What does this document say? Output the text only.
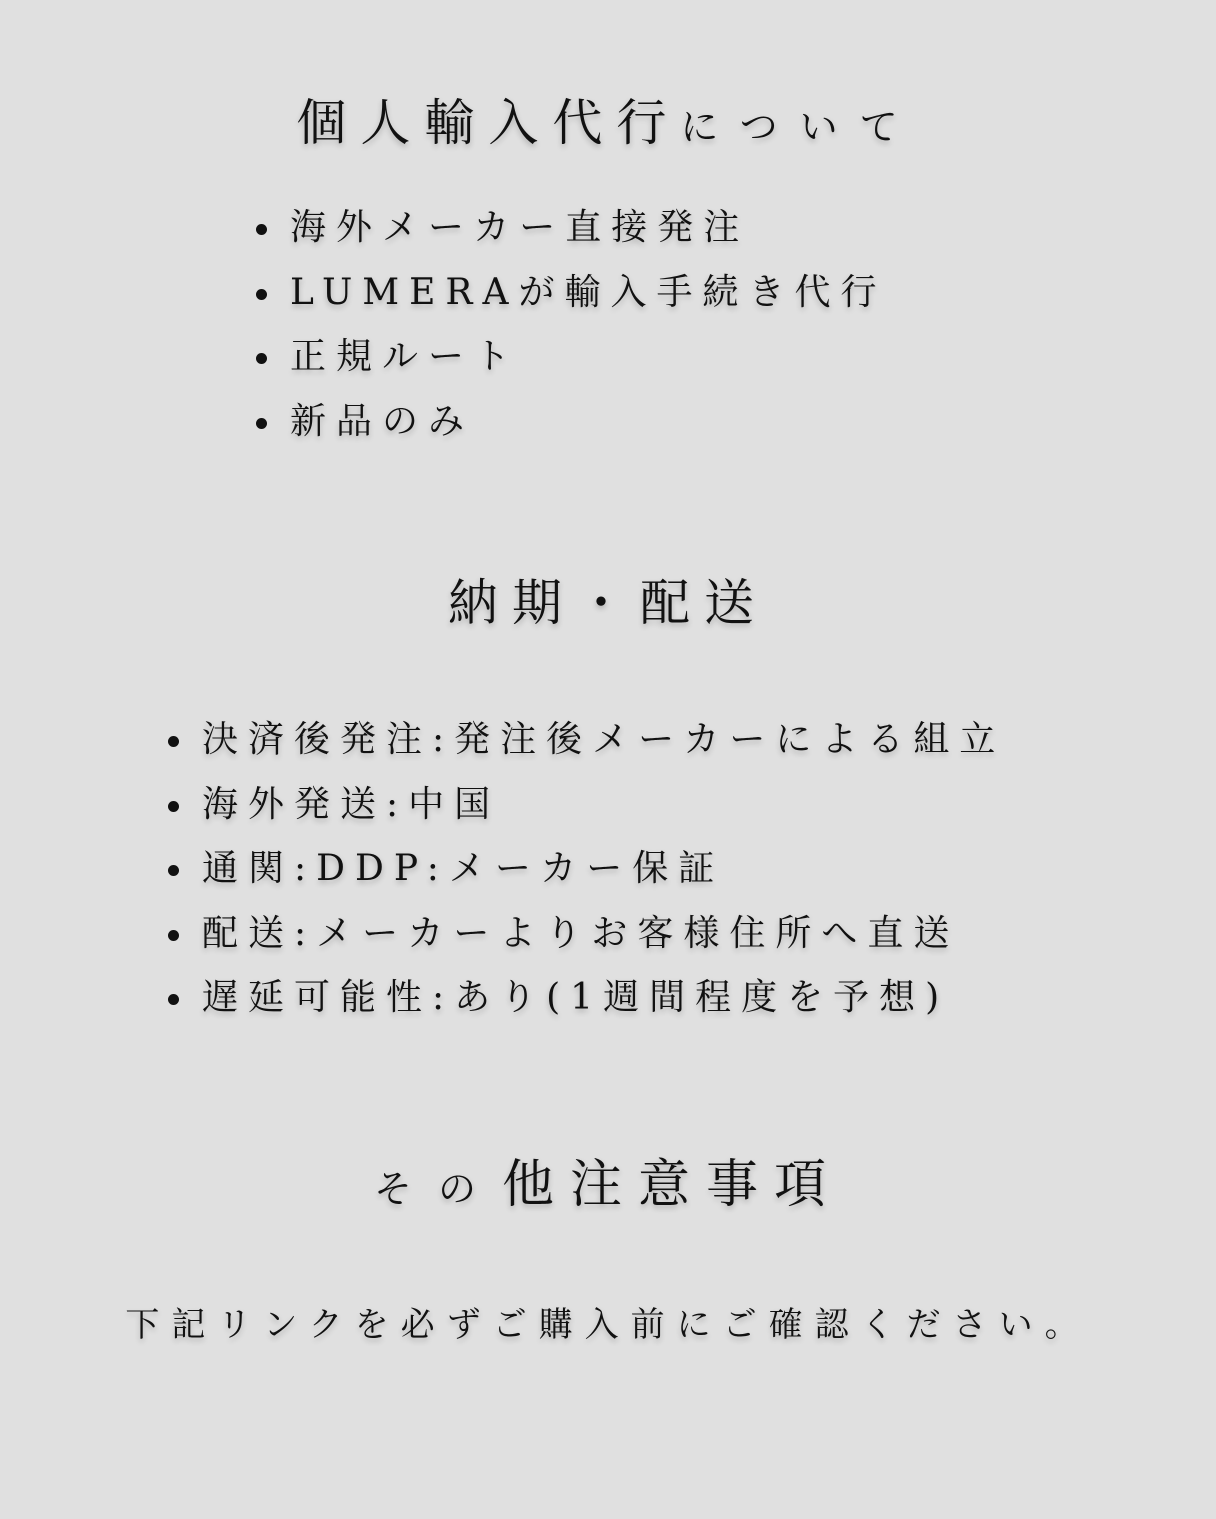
個人輸入代行について
海外メーカー直接発注
LUMERAが輸入手続き代行
正規ルート
新品のみ
納期・配送
決済後発注:発注後メーカーによる組立
海外発送:中国
通関:DDP:メーカー保証
配送:メーカーよりお客様住所へ直送
遅延可能性:あり(1週間程度を予想)
その他注意事項

下記リンクを必ずご購入前にご確認ください。
